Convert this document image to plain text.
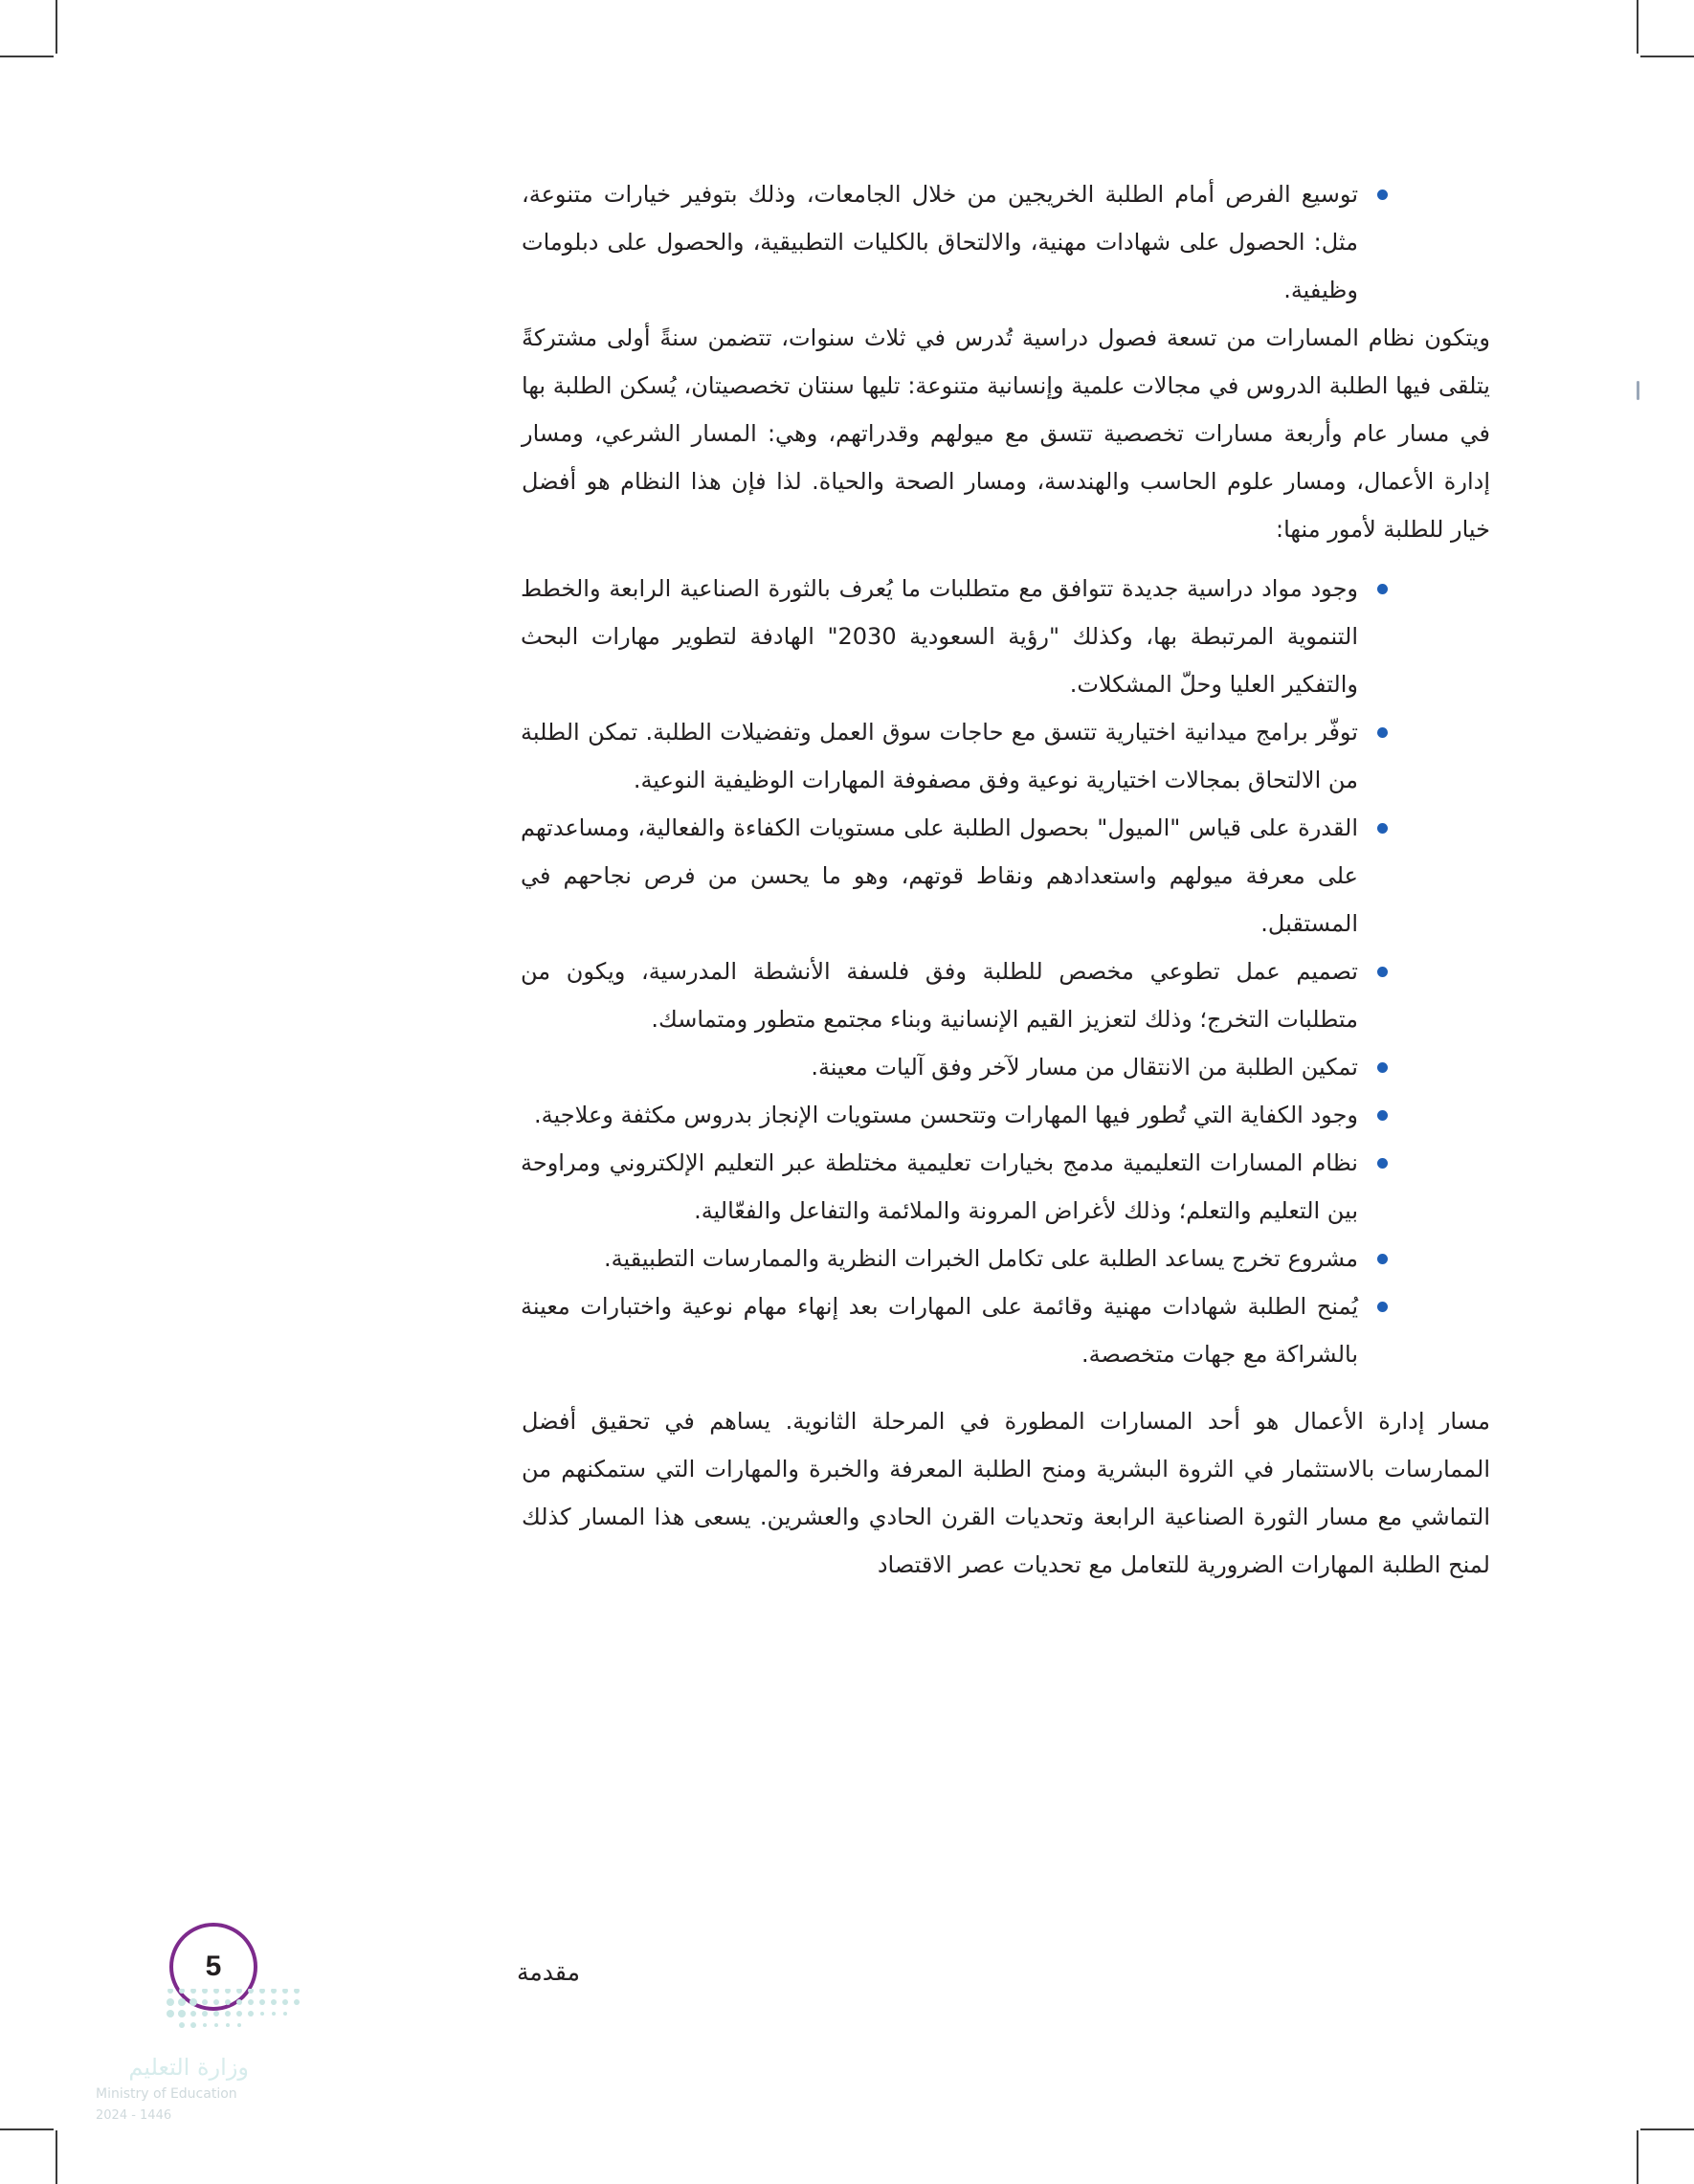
توسيع الفرص أمام الطلبة الخريجين من خلال الجامعات، وذلك بتوفير خيارات متنوعة، مثل: الحصول على شهادات مهنية، والالتحاق بالكليات التطبيقية، والحصول على دبلومات وظيفية.

ويتكون نظام المسارات من تسعة فصول دراسية تُدرس في ثلاث سنوات، تتضمن سنةً أولى مشتركةً يتلقى فيها الطلبة الدروس في مجالات علمية وإنسانية متنوعة: تليها سنتان تخصصيتان، يُسكن الطلبة بها في مسار عام وأربعة مسارات تخصصية تتسق مع ميولهم وقدراتهم، وهي: المسار الشرعي، ومسار إدارة الأعمال، ومسار علوم الحاسب والهندسة، ومسار الصحة والحياة. لذا فإن هذا النظام هو أفضل خيار للطلبة لأمور منها:

وجود مواد دراسية جديدة تتوافق مع متطلبات ما يُعرف بالثورة الصناعية الرابعة والخطط التنموية المرتبطة بها، وكذلك "رؤية السعودية 2030" الهادفة لتطوير مهارات البحث والتفكير العليا وحلّ المشكلات.
توفّر برامج ميدانية اختيارية تتسق مع حاجات سوق العمل وتفضيلات الطلبة. تمكن الطلبة من الالتحاق بمجالات اختيارية نوعية وفق مصفوفة المهارات الوظيفية النوعية.
القدرة على قياس "الميول" بحصول الطلبة على مستويات الكفاءة والفعالية، ومساعدتهم على معرفة ميولهم واستعدادهم ونقاط قوتهم، وهو ما يحسن من فرص نجاحهم في المستقبل.
تصميم عمل تطوعي مخصص للطلبة وفق فلسفة الأنشطة المدرسية، ويكون من متطلبات التخرج؛ وذلك لتعزيز القيم الإنسانية وبناء مجتمع متطور ومتماسك.
تمكين الطلبة من الانتقال من مسار لآخر وفق آليات معينة.
وجود الكفاية التي تُطور فيها المهارات وتتحسن مستويات الإنجاز بدروس مكثفة وعلاجية.
نظام المسارات التعليمية مدمج بخيارات تعليمية مختلطة عبر التعليم الإلكتروني ومراوحة بين التعليم والتعلم؛ وذلك لأغراض المرونة والملائمة والتفاعل والفعّالية.
مشروع تخرج يساعد الطلبة على تكامل الخبرات النظرية والممارسات التطبيقية.
يُمنح الطلبة شهادات مهنية وقائمة على المهارات بعد إنهاء مهام نوعية واختبارات معينة بالشراكة مع جهات متخصصة.

مسار إدارة الأعمال هو أحد المسارات المطورة في المرحلة الثانوية. يساهم في تحقيق أفضل الممارسات بالاستثمار في الثروة البشرية ومنح الطلبة المعرفة والخبرة والمهارات التي ستمكنهم من التماشي مع مسار الثورة الصناعية الرابعة وتحديات القرن الحادي والعشرين. يسعى هذا المسار كذلك لمنح الطلبة المهارات الضرورية للتعامل مع تحديات عصر الاقتصاد

5	مقدمة
وزارة التعليم
Ministry of Education
2024 - 1446
